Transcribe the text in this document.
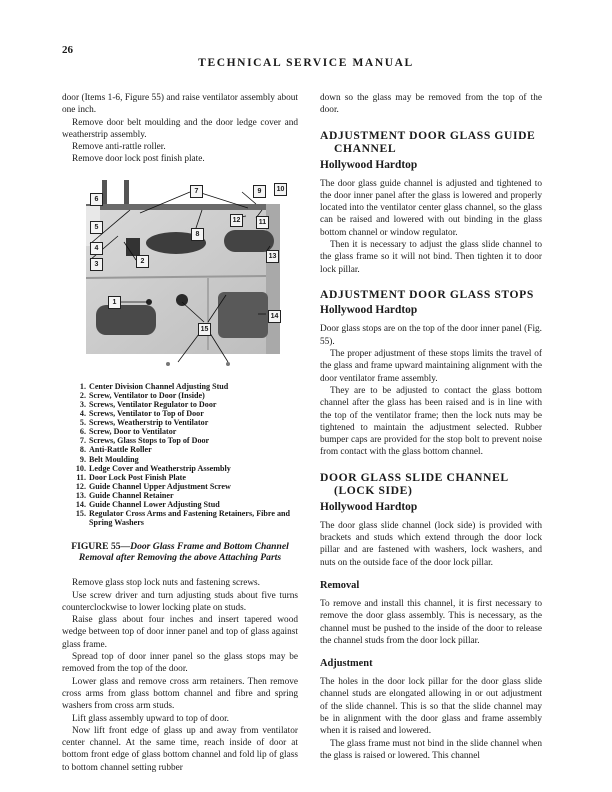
26
TECHNICAL SERVICE MANUAL

door (Items 1-6, Figure 55) and raise ventilator assembly about one inch.

Remove door belt moulding and the door ledge cover and weatherstrip assembly.

Remove anti-rattle roller.

Remove door lock post finish plate.

6
5
4
3	2
7
8
9	10
11
12
13
14
15
1
1. Center Division Channel Adjusting Stud
2. Screw, Ventilator to Door (Inside)
3. Screws, Ventilator Regulator to Door
4. Screws, Ventilator to Top of Door
5. Screws, Weatherstrip to Ventilator
6. Screw, Door to Ventilator
7. Screws, Glass Stops to Top of Door
8. Anti-Rattle Roller
9. Belt Moulding
10. Ledge Cover and Weatherstrip Assembly
11. Door Lock Post Finish Plate
12. Guide Channel Upper Adjustment Screw
13. Guide Channel Retainer
14. Guide Channel Lower Adjusting Stud
15. Regulator Cross Arms and Fastening Retainers, Fibre and Spring Washers
FIGURE 55—Door Glass Frame and Bottom Channel Removal after Removing the above Attaching Parts

Remove glass stop lock nuts and fastening screws.

Use screw driver and turn adjusting studs about five turns counterclockwise to lower locking plate on studs.

Raise glass about four inches and insert tapered wood wedge between top of door inner panel and top of glass against glass frame.

Spread top of door inner panel so the glass stops may be removed from the top of the door.

Lower glass and remove cross arm retainers. Then remove cross arms from glass bottom channel and fibre and spring washers from cross arm studs.

Lift glass assembly upward to top of door.

Now lift front edge of glass up and away from ventilator center channel. At the same time, reach inside of door at bottom front edge of glass bottom channel and fold lip of glass to bottom channel setting rubber

down so the glass may be removed from the top of the door.

ADJUSTMENT DOOR GLASS GUIDE
CHANNEL
Hollywood Hardtop

The door glass guide channel is adjusted and tightened to the door inner panel after the glass is lowered and properly located into the ventilator center glass channel, so the glass can be raised and lowered with out binding in the glass bottom channel or window regulator.

Then it is necessary to adjust the glass slide channel to the glass frame so it will not bind. Then tighten it to door lock pillar.

ADJUSTMENT DOOR GLASS STOPS
Hollywood Hardtop

Door glass stops are on the top of the door inner panel (Fig. 55).

The proper adjustment of these stops limits the travel of the glass and frame upward maintaining alignment with the door ventilator frame assembly.

They are to be adjusted to contact the glass bottom channel after the glass has been raised and is in line with the top of the ventilator frame; then the lock nuts may be tightened to maintain the adjustment selected. Rubber bumper caps are provided for the stop bolt to prevent noise from contact with the glass bottom channel.

DOOR GLASS SLIDE CHANNEL
(LOCK SIDE)
Hollywood Hardtop

The door glass slide channel (lock side) is provided with brackets and studs which extend through the door lock pillar and are fastened with washers, lock washers, and nuts on the outside face of the door lock pillar.

Removal

To remove and install this channel, it is first necessary to remove the door glass assembly. This is necessary, as the channel must be pushed to the inside of the door to release the channel studs from the door lock pillar.

Adjustment

The holes in the door lock pillar for the door glass slide channel studs are elongated allowing in or out adjustment of the slide channel. This is so that the slide channel may be in alignment with the door glass and frame assembly when it is raised and lowered.

The glass frame must not bind in the slide channel when the glass is raised or lowered. This channel
